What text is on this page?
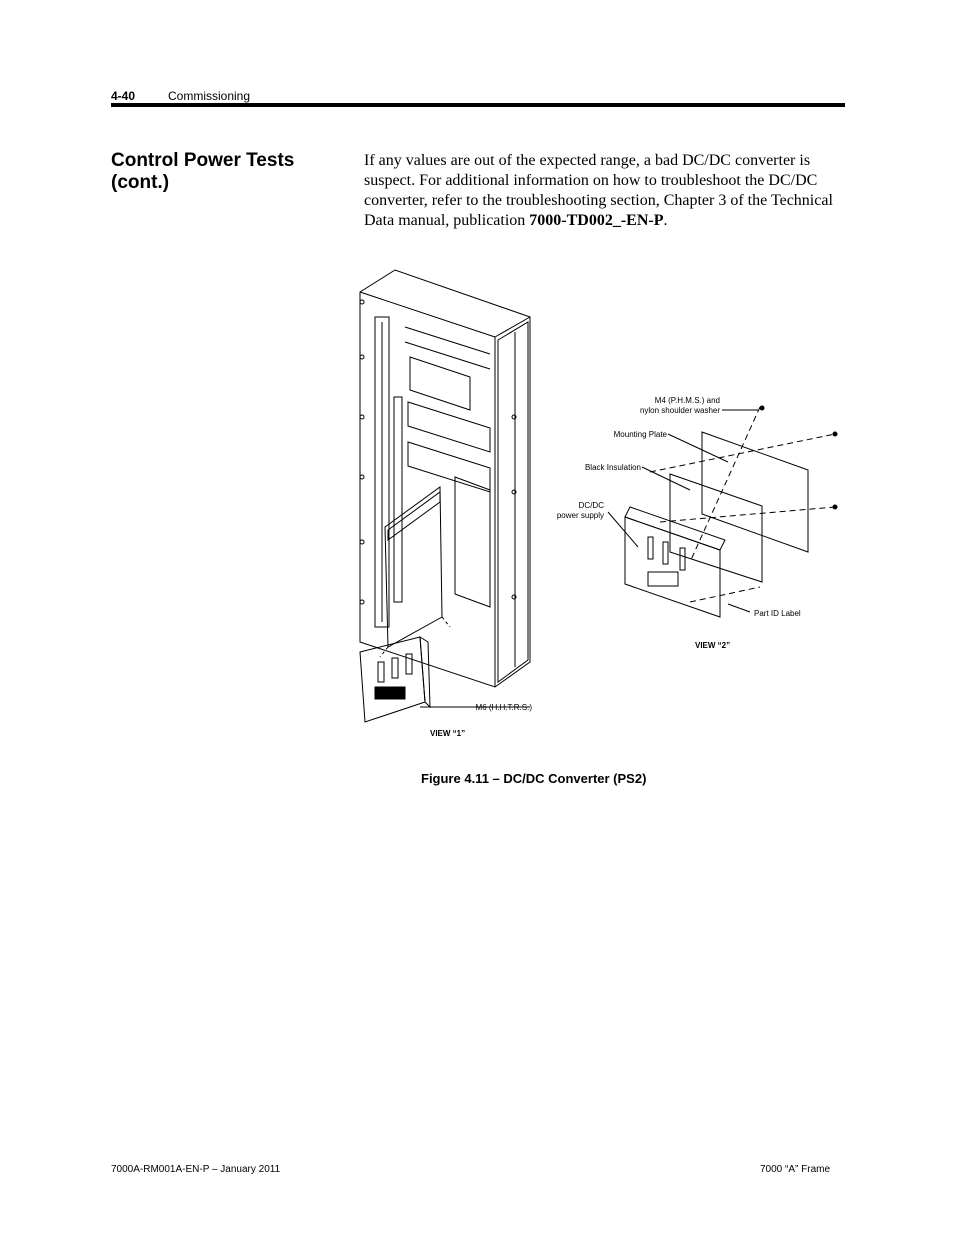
4-40	Commissioning
Control Power Tests (cont.)
If any values are out of the expected range, a bad DC/DC converter is suspect. For additional information on how to troubleshoot the DC/DC converter, refer to the troubleshooting section, Chapter 3 of the Technical Data manual, publication 7000-TD002_-EN-P.
M4 (P.H.M.S.) and
nylon shoulder washer
Mounting Plate
Black Insulation
DC/DC
power supply
Part ID Label
VIEW “2”
M6 (H.H.T.R.S.)
VIEW “1”
Figure 4.11 – DC/DC Converter (PS2)
7000A-RM001A-EN-P – January 2011	7000 “A” Frame
